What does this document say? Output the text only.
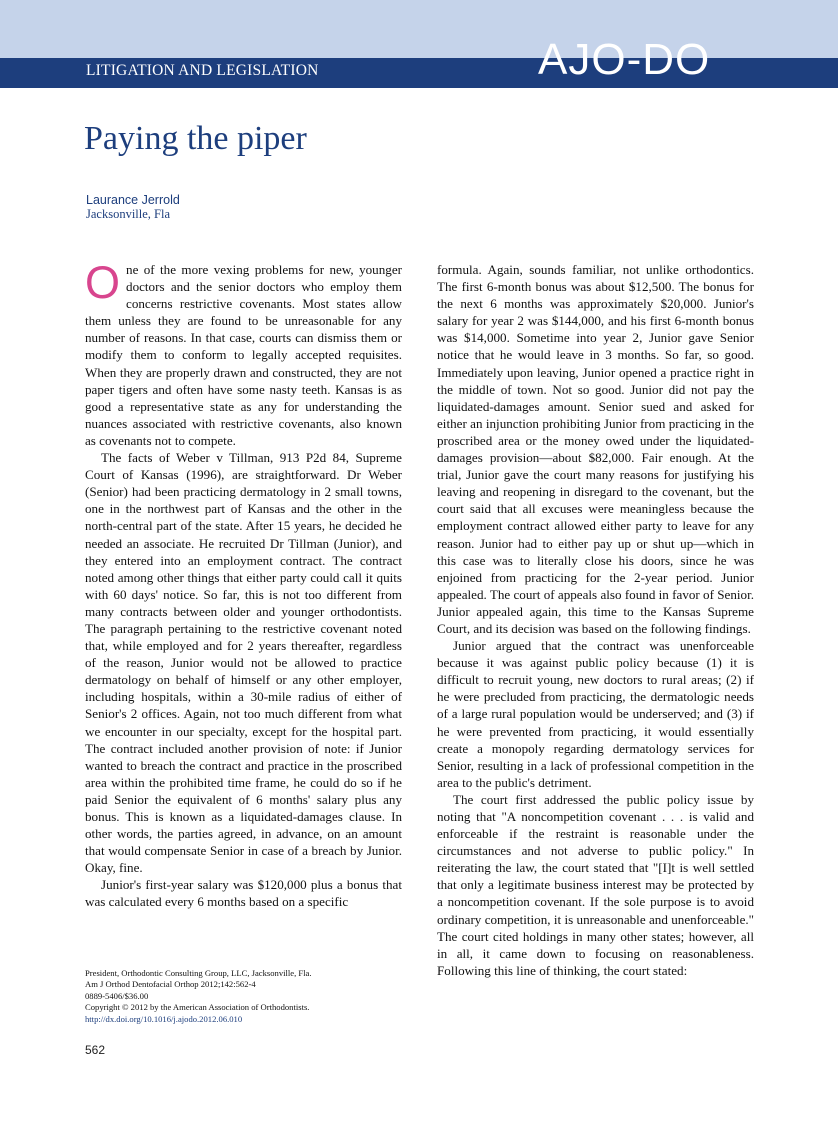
LITIGATION AND LEGISLATION	AJO-DO
Paying the piper
Laurance Jerrold
Jacksonville, Fla

One of the more vexing problems for new, younger doctors and the senior doctors who employ them concerns restrictive covenants. Most states allow them unless they are found to be unreasonable for any number of reasons. In that case, courts can dismiss them or modify them to conform to legally accepted requisites. When they are properly drawn and constructed, they are not paper tigers and often have some nasty teeth. Kansas is as good a representative state as any for understanding the nuances associated with restrictive covenants, also known as covenants not to compete.

The facts of Weber v Tillman, 913 P2d 84, Supreme Court of Kansas (1996), are straightforward. Dr Weber (Senior) had been practicing dermatology in 2 small towns, one in the northwest part of Kansas and the other in the north-central part of the state. After 15 years, he decided he needed an associate. He recruited Dr Tillman (Junior), and they entered into an employment contract. The contract noted among other things that either party could call it quits with 60 days' notice. So far, this is not too different from many contracts between older and younger orthodontists. The paragraph pertaining to the restrictive covenant noted that, while employed and for 2 years thereafter, regardless of the reason, Junior would not be allowed to practice dermatology on behalf of himself or any other employer, including hospitals, within a 30-mile radius of either of Senior's 2 offices. Again, not too much different from what we encounter in our specialty, except for the hospital part. The contract included another provision of note: if Junior wanted to breach the contract and practice in the proscribed area within the prohibited time frame, he could do so if he paid Senior the equivalent of 6 months' salary plus any bonus. This is known as a liquidated-damages clause. In other words, the parties agreed, in advance, on an amount that would compensate Senior in case of a breach by Junior. Okay, fine.

Junior's first-year salary was $120,000 plus a bonus that was calculated every 6 months based on a specific

formula. Again, sounds familiar, not unlike orthodontics. The first 6-month bonus was about $12,500. The bonus for the next 6 months was approximately $20,000. Junior's salary for year 2 was $144,000, and his first 6-month bonus was $14,000. Sometime into year 2, Junior gave Senior notice that he would leave in 3 months. So far, so good. Immediately upon leaving, Junior opened a practice right in the middle of town. Not so good. Junior did not pay the liquidated-damages amount. Senior sued and asked for either an injunction prohibiting Junior from practicing in the proscribed area or the money owed under the liquidated-damages provision—about $82,000. Fair enough. At the trial, Junior gave the court many reasons for justifying his leaving and reopening in disregard to the covenant, but the court said that all excuses were meaningless because the employment contract allowed either party to leave for any reason. Junior had to either pay up or shut up—which in this case was to literally close his doors, since he was enjoined from practicing for the 2-year period. Junior appealed. The court of appeals also found in favor of Senior. Junior appealed again, this time to the Kansas Supreme Court, and its decision was based on the following findings.

Junior argued that the contract was unenforceable because it was against public policy because (1) it is difficult to recruit young, new doctors to rural areas; (2) if he were precluded from practicing, the dermatologic needs of a large rural population would be underserved; and (3) if he were prevented from practicing, it would essentially create a monopoly regarding dermatology services for Senior, resulting in a lack of professional competition in the area to the public's detriment.

The court first addressed the public policy issue by noting that "A noncompetition covenant . . . is valid and enforceable if the restraint is reasonable under the circumstances and not adverse to public policy." In reiterating the law, the court stated that "[I]t is well settled that only a legitimate business interest may be protected by a noncompetition covenant. If the sole purpose is to avoid ordinary competition, it is unreasonable and unenforceable." The court cited holdings in many other states; however, all in all, it came down to focusing on reasonableness. Following this line of thinking, the court stated:

President, Orthodontic Consulting Group, LLC, Jacksonville, Fla.
Am J Orthod Dentofacial Orthop 2012;142:562-4
0889-5406/$36.00
Copyright © 2012 by the American Association of Orthodontists.
http://dx.doi.org/10.1016/j.ajodo.2012.06.010
562
